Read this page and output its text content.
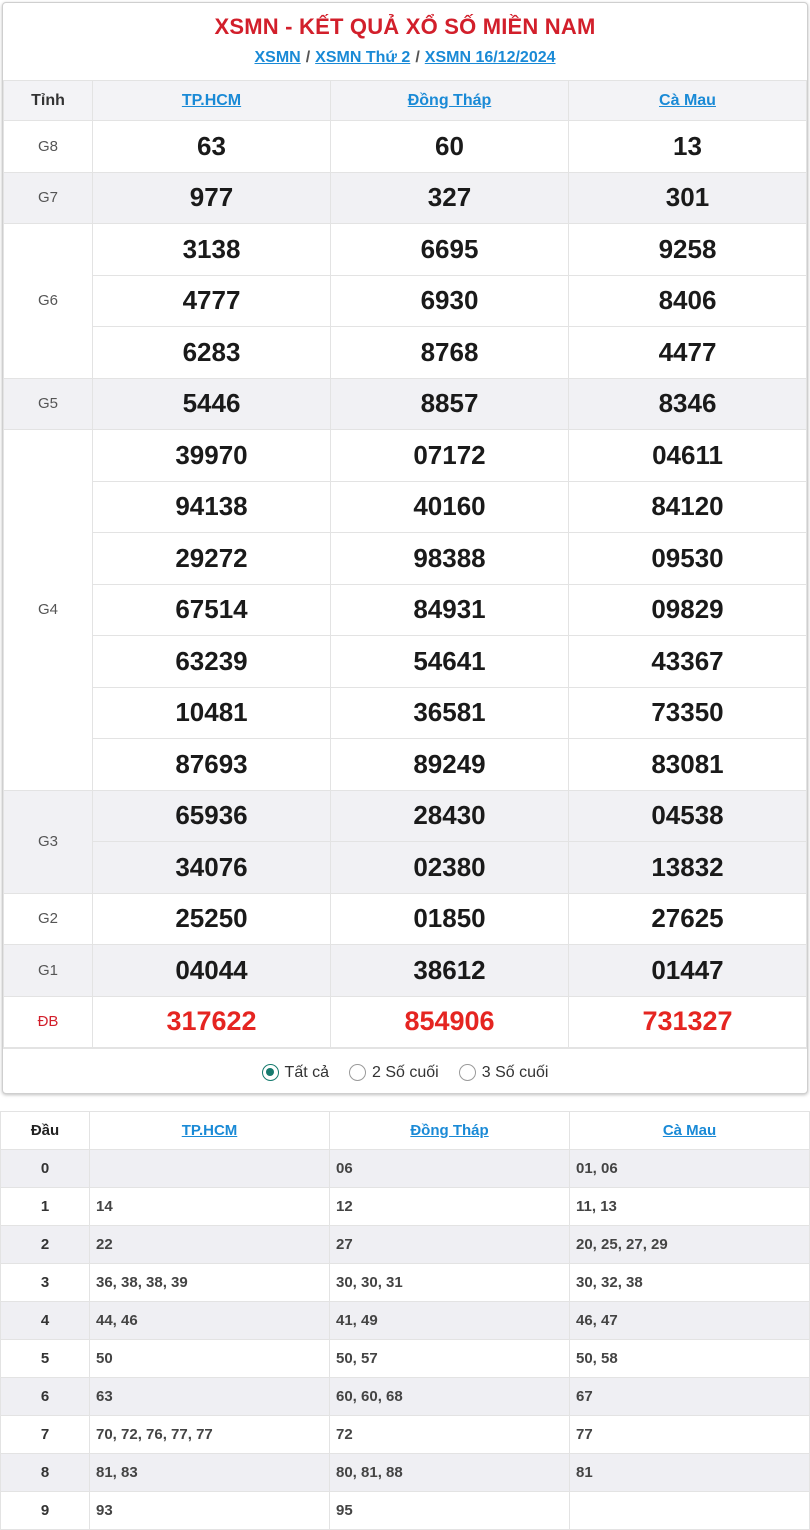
XSMN - KẾT QUẢ XỔ SỐ MIỀN NAM
XSMN / XSMN Thứ 2 / XSMN 16/12/2024
Tỉnh	TP.HCM	Đồng Tháp	Cà Mau
G8	63	60	13
G7	977	327	301
G6	3138	6695	9258
	4777	6930	8406
	6283	8768	4477
G5	5446	8857	8346
G4	39970	07172	04611
	94138	40160	84120
	29272	98388	09530
	67514	84931	09829
	63239	54641	43367
	10481	36581	73350
	87693	89249	83081
G3	65936	28430	04538
	34076	02380	13832
G2	25250	01850	27625
G1	04044	38612	01447
ĐB	317622	854906	731327
Tất cả	2 Số cuối	3 Số cuối
Đầu	TP.HCM	Đồng Tháp	Cà Mau
0		06	01, 06
1	14	12	11, 13
2	22	27	20, 25, 27, 29
3	36, 38, 38, 39	30, 30, 31	30, 32, 38
4	44, 46	41, 49	46, 47
5	50	50, 57	50, 58
6	63	60, 60, 68	67
7	70, 72, 76, 77, 77	72	77
8	81, 83	80, 81, 88	81
9	93	95	
